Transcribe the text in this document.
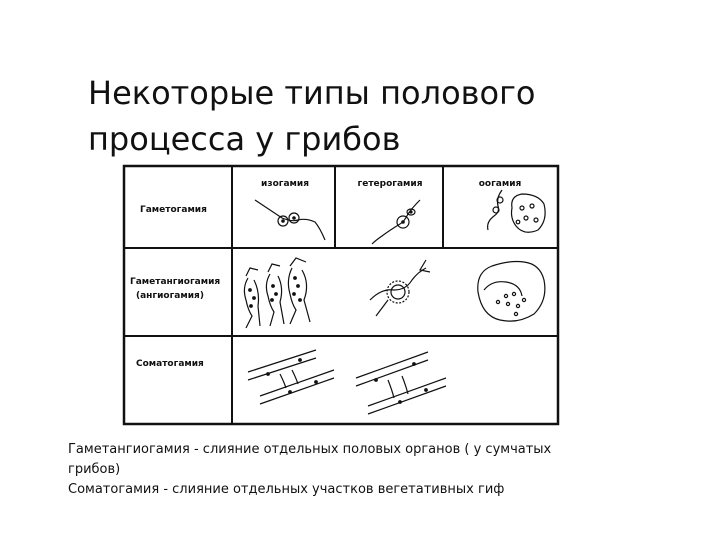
Некоторые типы полового
процесса у грибов
изогамия	гетерогамия	оогамия
Гаметогамия
Гаметангиогамия
(ангиогамия)
Соматогамия
Гаметангиогамия - слияние отдельных половых органов ( у сумчатых
грибов)
Соматогамия - слияние отдельных участков вегетативных гиф
